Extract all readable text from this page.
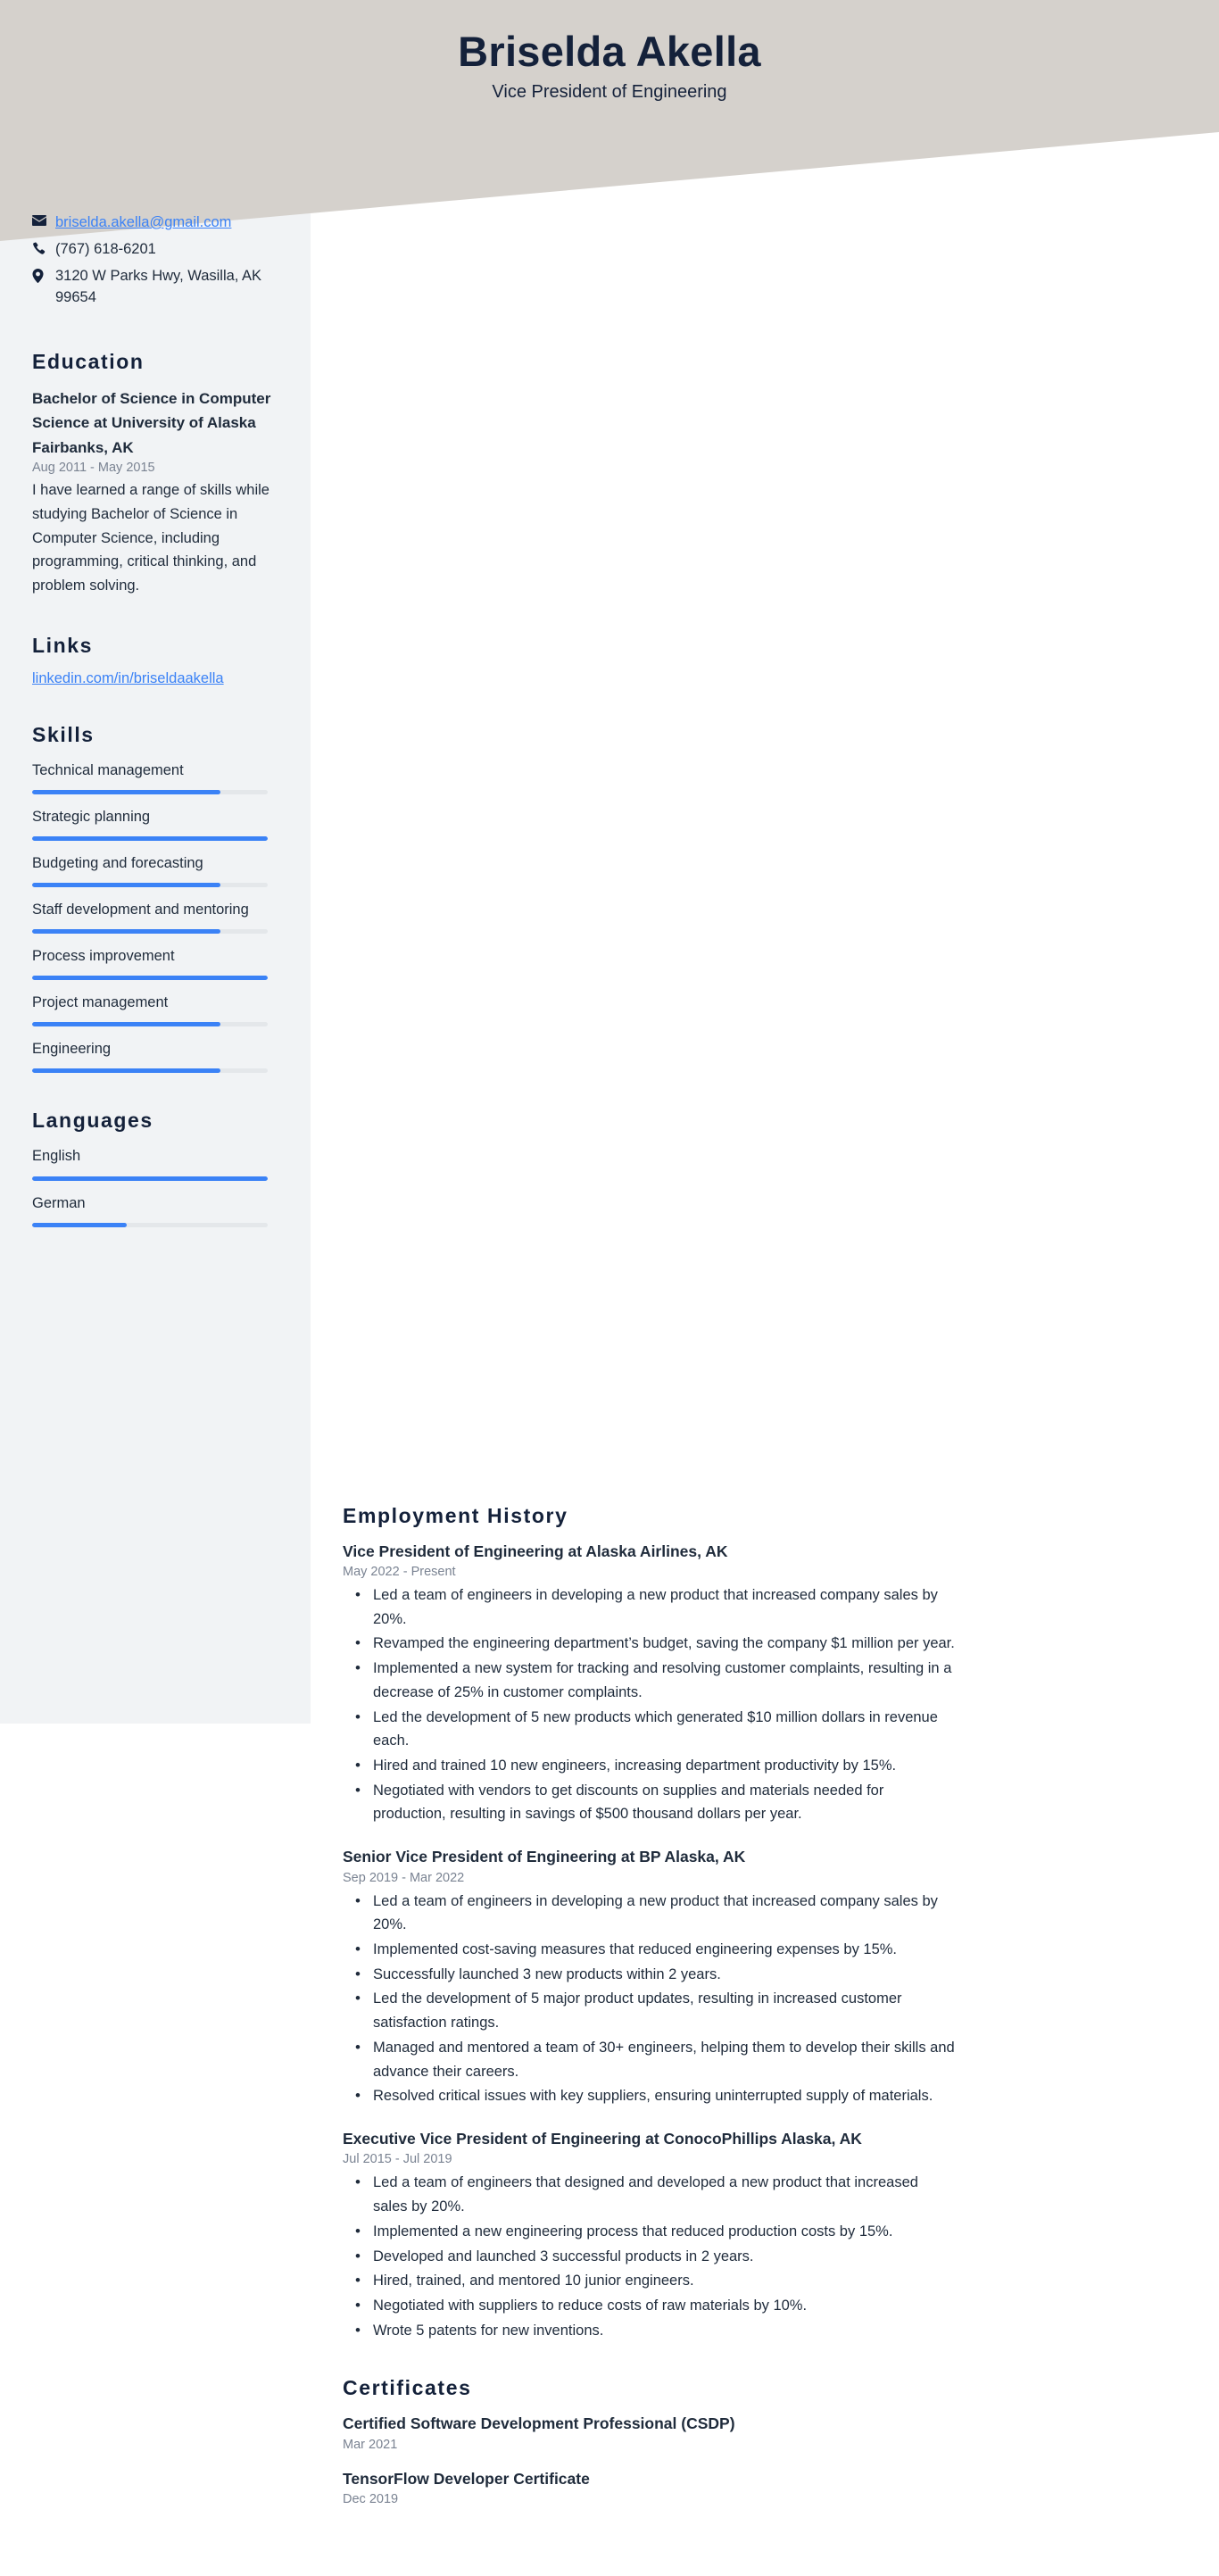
Briselda Akella
Vice President of Engineering
briselda.akella@gmail.com
(767) 618-6201
3120 W Parks Hwy, Wasilla, AK 99654
Education
Bachelor of Science in Computer Science at University of Alaska Fairbanks, AK
Aug 2011 - May 2015
I have learned a range of skills while studying Bachelor of Science in Computer Science, including programming, critical thinking, and problem solving.
Links
linkedin.com/in/briseldaakella
Skills
Technical management
Strategic planning
Budgeting and forecasting
Staff development and mentoring
Process improvement
Project management
Engineering
Languages
English
German
Employment History
Vice President of Engineering at Alaska Airlines, AK
May 2022 - Present
• Led a team of engineers in developing a new product that increased company sales by 20%.
• Revamped the engineering department’s budget, saving the company $1 million per year.
• Implemented a new system for tracking and resolving customer complaints, resulting in a decrease of 25% in customer complaints.
• Led the development of 5 new products which generated $10 million dollars in revenue each.
• Hired and trained 10 new engineers, increasing department productivity by 15%.
• Negotiated with vendors to get discounts on supplies and materials needed for production, resulting in savings of $500 thousand dollars per year.
Senior Vice President of Engineering at BP Alaska, AK
Sep 2019 - Mar 2022
• Led a team of engineers in developing a new product that increased company sales by 20%.
• Implemented cost-saving measures that reduced engineering expenses by 15%.
• Successfully launched 3 new products within 2 years.
• Led the development of 5 major product updates, resulting in increased customer satisfaction ratings.
• Managed and mentored a team of 30+ engineers, helping them to develop their skills and advance their careers.
• Resolved critical issues with key suppliers, ensuring uninterrupted supply of materials.
Executive Vice President of Engineering at ConocoPhillips Alaska, AK
Jul 2015 - Jul 2019
• Led a team of engineers that designed and developed a new product that increased sales by 20%.
• Implemented a new engineering process that reduced production costs by 15%.
• Developed and launched 3 successful products in 2 years.
• Hired, trained, and mentored 10 junior engineers.
• Negotiated with suppliers to reduce costs of raw materials by 10%.
• Wrote 5 patents for new inventions.
Certificates
Certified Software Development Professional (CSDP)
Mar 2021
TensorFlow Developer Certificate
Dec 2019
